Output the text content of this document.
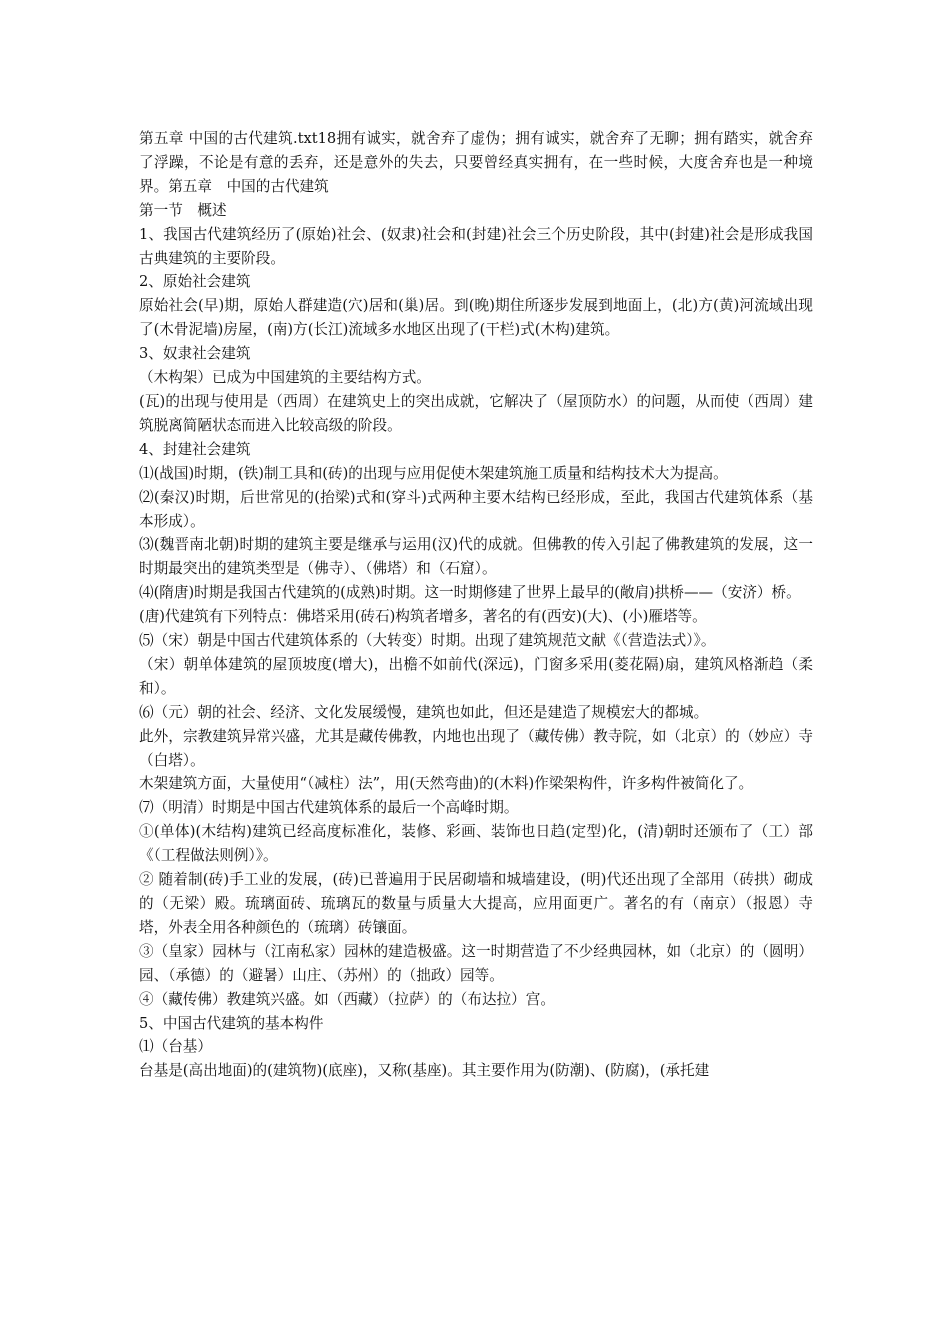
第五章 中国的古代建筑.txt18拥有诚实，就舍弃了虚伪；拥有诚实，就舍弃了无聊；拥有踏实，就舍弃了浮躁，不论是有意的丢弃，还是意外的失去，只要曾经真实拥有，在一些时候，大度舍弃也是一种境界。第五章　中国的古代建筑

第一节　概述

1、我国古代建筑经历了(原始)社会、(奴隶)社会和(封建)社会三个历史阶段，其中(封建)社会是形成我国古典建筑的主要阶段。

2、原始社会建筑

原始社会(早)期，原始人群建造(穴)居和(巢)居。到(晚)期住所逐步发展到地面上，(北)方(黄)河流域出现了(木骨泥墙)房屋，(南)方(长江)流域多水地区出现了(干栏)式(木构)建筑。

3、奴隶社会建筑

（木构架）已成为中国建筑的主要结构方式。

(瓦)的出现与使用是（西周）在建筑史上的突出成就，它解决了（屋顶防水）的问题，从而使（西周）建筑脱离简陋状态而进入比较高级的阶段。

4、封建社会建筑

⑴(战国)时期，(铁)制工具和(砖)的出现与应用促使木架建筑施工质量和结构技术大为提高。

⑵(秦汉)时期，后世常见的(抬梁)式和(穿斗)式两种主要木结构已经形成，至此，我国古代建筑体系（基本形成）。

⑶(魏晋南北朝)时期的建筑主要是继承与运用(汉)代的成就。但佛教的传入引起了佛教建筑的发展，这一时期最突出的建筑类型是（佛寺）、（佛塔）和（石窟）。

⑷(隋唐)时期是我国古代建筑的(成熟)时期。这一时期修建了世界上最早的(敞肩)拱桥——（安济）桥。

(唐)代建筑有下列特点：佛塔采用(砖石)构筑者增多，著名的有(西安)(大)、(小)雁塔等。

⑸（宋）朝是中国古代建筑体系的（大转变）时期。出现了建筑规范文献《（营造法式）》。

（宋）朝单体建筑的屋顶坡度(增大)，出檐不如前代(深远)，门窗多采用(菱花隔)扇，建筑风格渐趋（柔和）。

⑹（元）朝的社会、经济、文化发展缓慢，建筑也如此，但还是建造了规模宏大的都城。

此外，宗教建筑异常兴盛，尤其是藏传佛教，内地也出现了（藏传佛）教寺院，如（北京）的（妙应）寺（白塔）。

木架建筑方面，大量使用“（减柱）法”，用(天然弯曲)的(木料)作梁架构件，许多构件被简化了。

⑺（明清）时期是中国古代建筑体系的最后一个高峰时期。

①(单体)(木结构)建筑已经高度标准化，装修、彩画、装饰也日趋(定型)化，(清)朝时还颁布了（工）部《（工程做法则例）》。

② 随着制(砖)手工业的发展，(砖)已普遍用于民居砌墙和城墙建设，(明)代还出现了全部用（砖拱）砌成的（无梁）殿。琉璃面砖、琉璃瓦的数量与质量大大提高，应用面更广。著名的有（南京）（报恩）寺塔，外表全用各种颜色的（琉璃）砖镶面。

③（皇家）园林与（江南私家）园林的建造极盛。这一时期营造了不少经典园林，如（北京）的（圆明）园、（承德）的（避暑）山庄、（苏州）的（拙政）园等。

④（藏传佛）教建筑兴盛。如（西藏）（拉萨）的（布达拉）宫。

5、中国古代建筑的基本构件

⑴（台基）

台基是(高出地面)的(建筑物)(底座)，又称(基座)。其主要作用为(防潮)、(防腐)，(承托建
